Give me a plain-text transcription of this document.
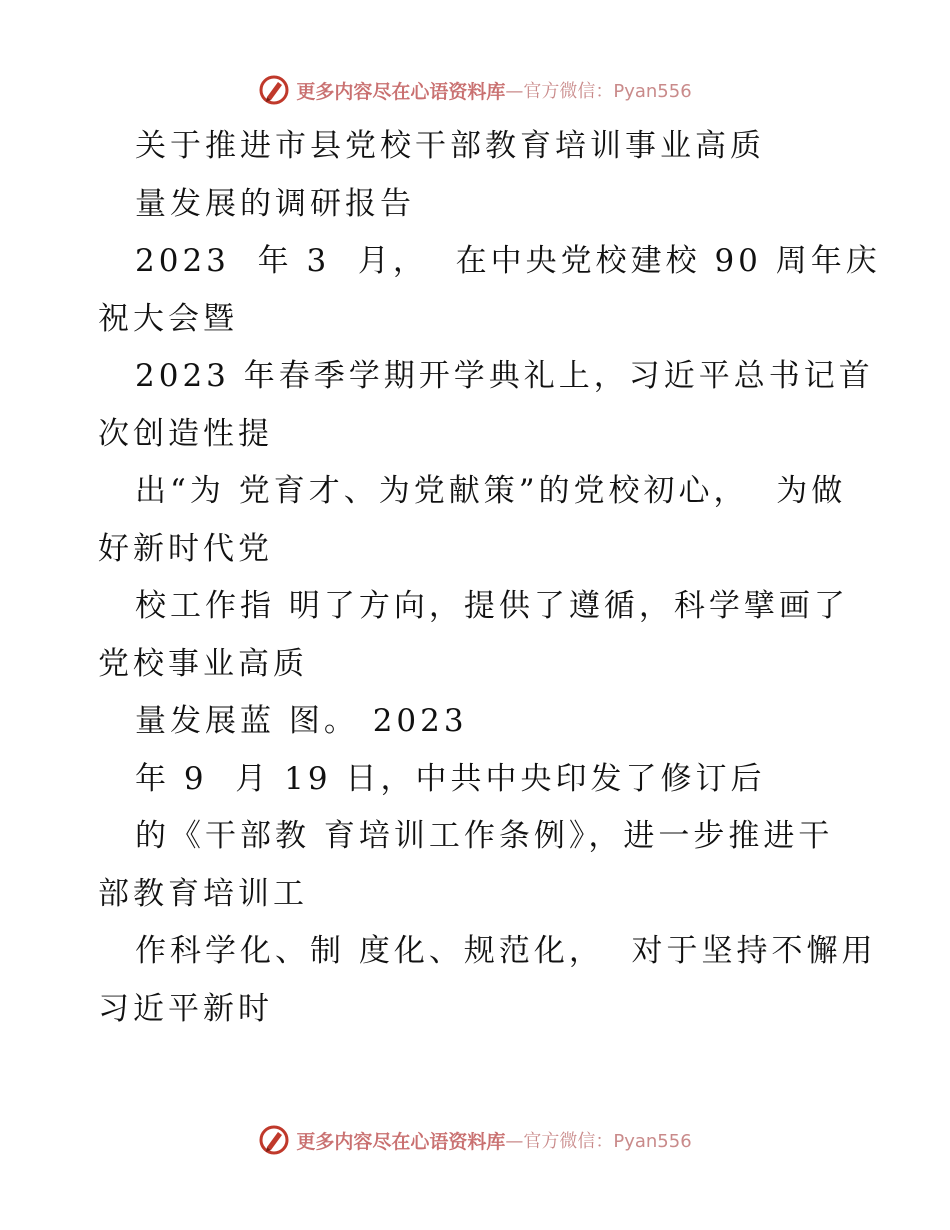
更多内容尽在心语资料库 —官方微信：Pyan556
关于推进市县党校干部教育培训事业高质
量发展的调研报告
2023  年 3  月，  在中央党校建校 90 周年庆
祝大会暨
2023 年春季学期开学典礼上，习近平总书记首
次创造性提
出“为 党育才、为党献策”的党校初心，  为做
好新时代党
校工作指 明了方向，提供了遵循，科学擘画了
党校事业高质
量发展蓝 图。 2023
年 9  月 19 日，中共中央印发了修订后
的《干部教 育培训工作条例》，进一步推进干
部教育培训工
作科学化、制 度化、规范化，  对于坚持不懈用
习近平新时
更多内容尽在心语资料库 —官方微信：Pyan556
